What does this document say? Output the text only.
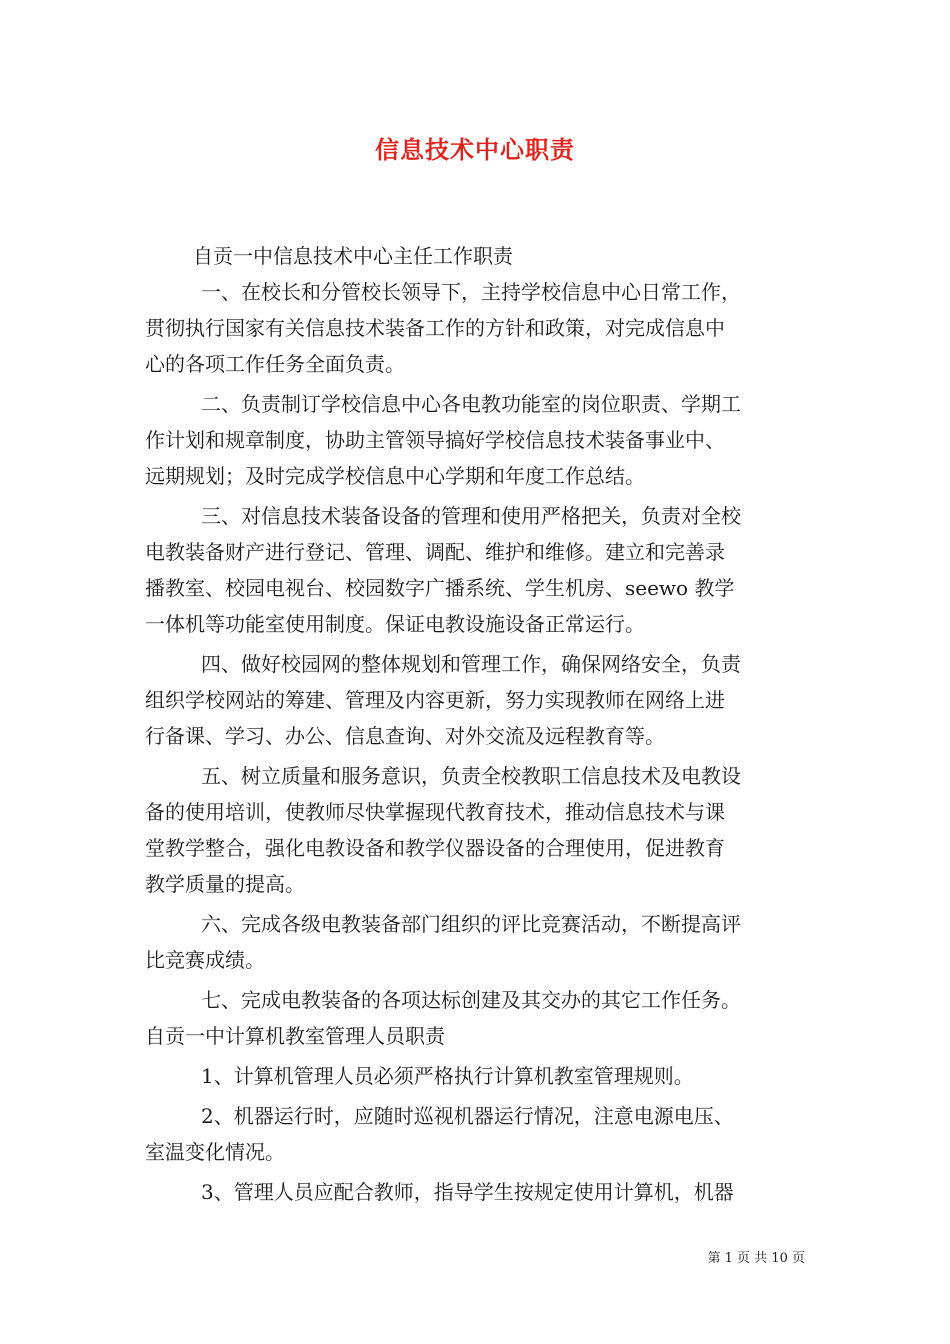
信息技术中心职责

自贡一中信息技术中心主任工作职责

一、在校长和分管校长领导下，主持学校信息中心日常工作，

贯彻执行国家有关信息技术装备工作的方针和政策，对完成信息中

心的各项工作任务全面负责。

二、负责制订学校信息中心各电教功能室的岗位职责、学期工

作计划和规章制度，协助主管领导搞好学校信息技术装备事业中、

远期规划；及时完成学校信息中心学期和年度工作总结。

三、对信息技术装备设备的管理和使用严格把关，负责对全校

电教装备财产进行登记、管理、调配、维护和维修。建立和完善录

播教室、校园电视台、校园数字广播系统、学生机房、seewo 教学

一体机等功能室使用制度。保证电教设施设备正常运行。

四、做好校园网的整体规划和管理工作，确保网络安全，负责

组织学校网站的筹建、管理及内容更新，努力实现教师在网络上进

行备课、学习、办公、信息查询、对外交流及远程教育等。

五、树立质量和服务意识，负责全校教职工信息技术及电教设

备的使用培训，使教师尽快掌握现代教育技术，推动信息技术与课

堂教学整合，强化电教设备和教学仪器设备的合理使用，促进教育

教学质量的提高。

六、完成各级电教装备部门组织的评比竞赛活动，不断提高评

比竞赛成绩。

七、完成电教装备的各项达标创建及其交办的其它工作任务。

自贡一中计算机教室管理人员职责

1、计算机管理人员必须严格执行计算机教室管理规则。

2、机器运行时，应随时巡视机器运行情况，注意电源电压、

室温变化情况。

3、管理人员应配合教师，指导学生按规定使用计算机，机器

第 1 页 共 10 页
